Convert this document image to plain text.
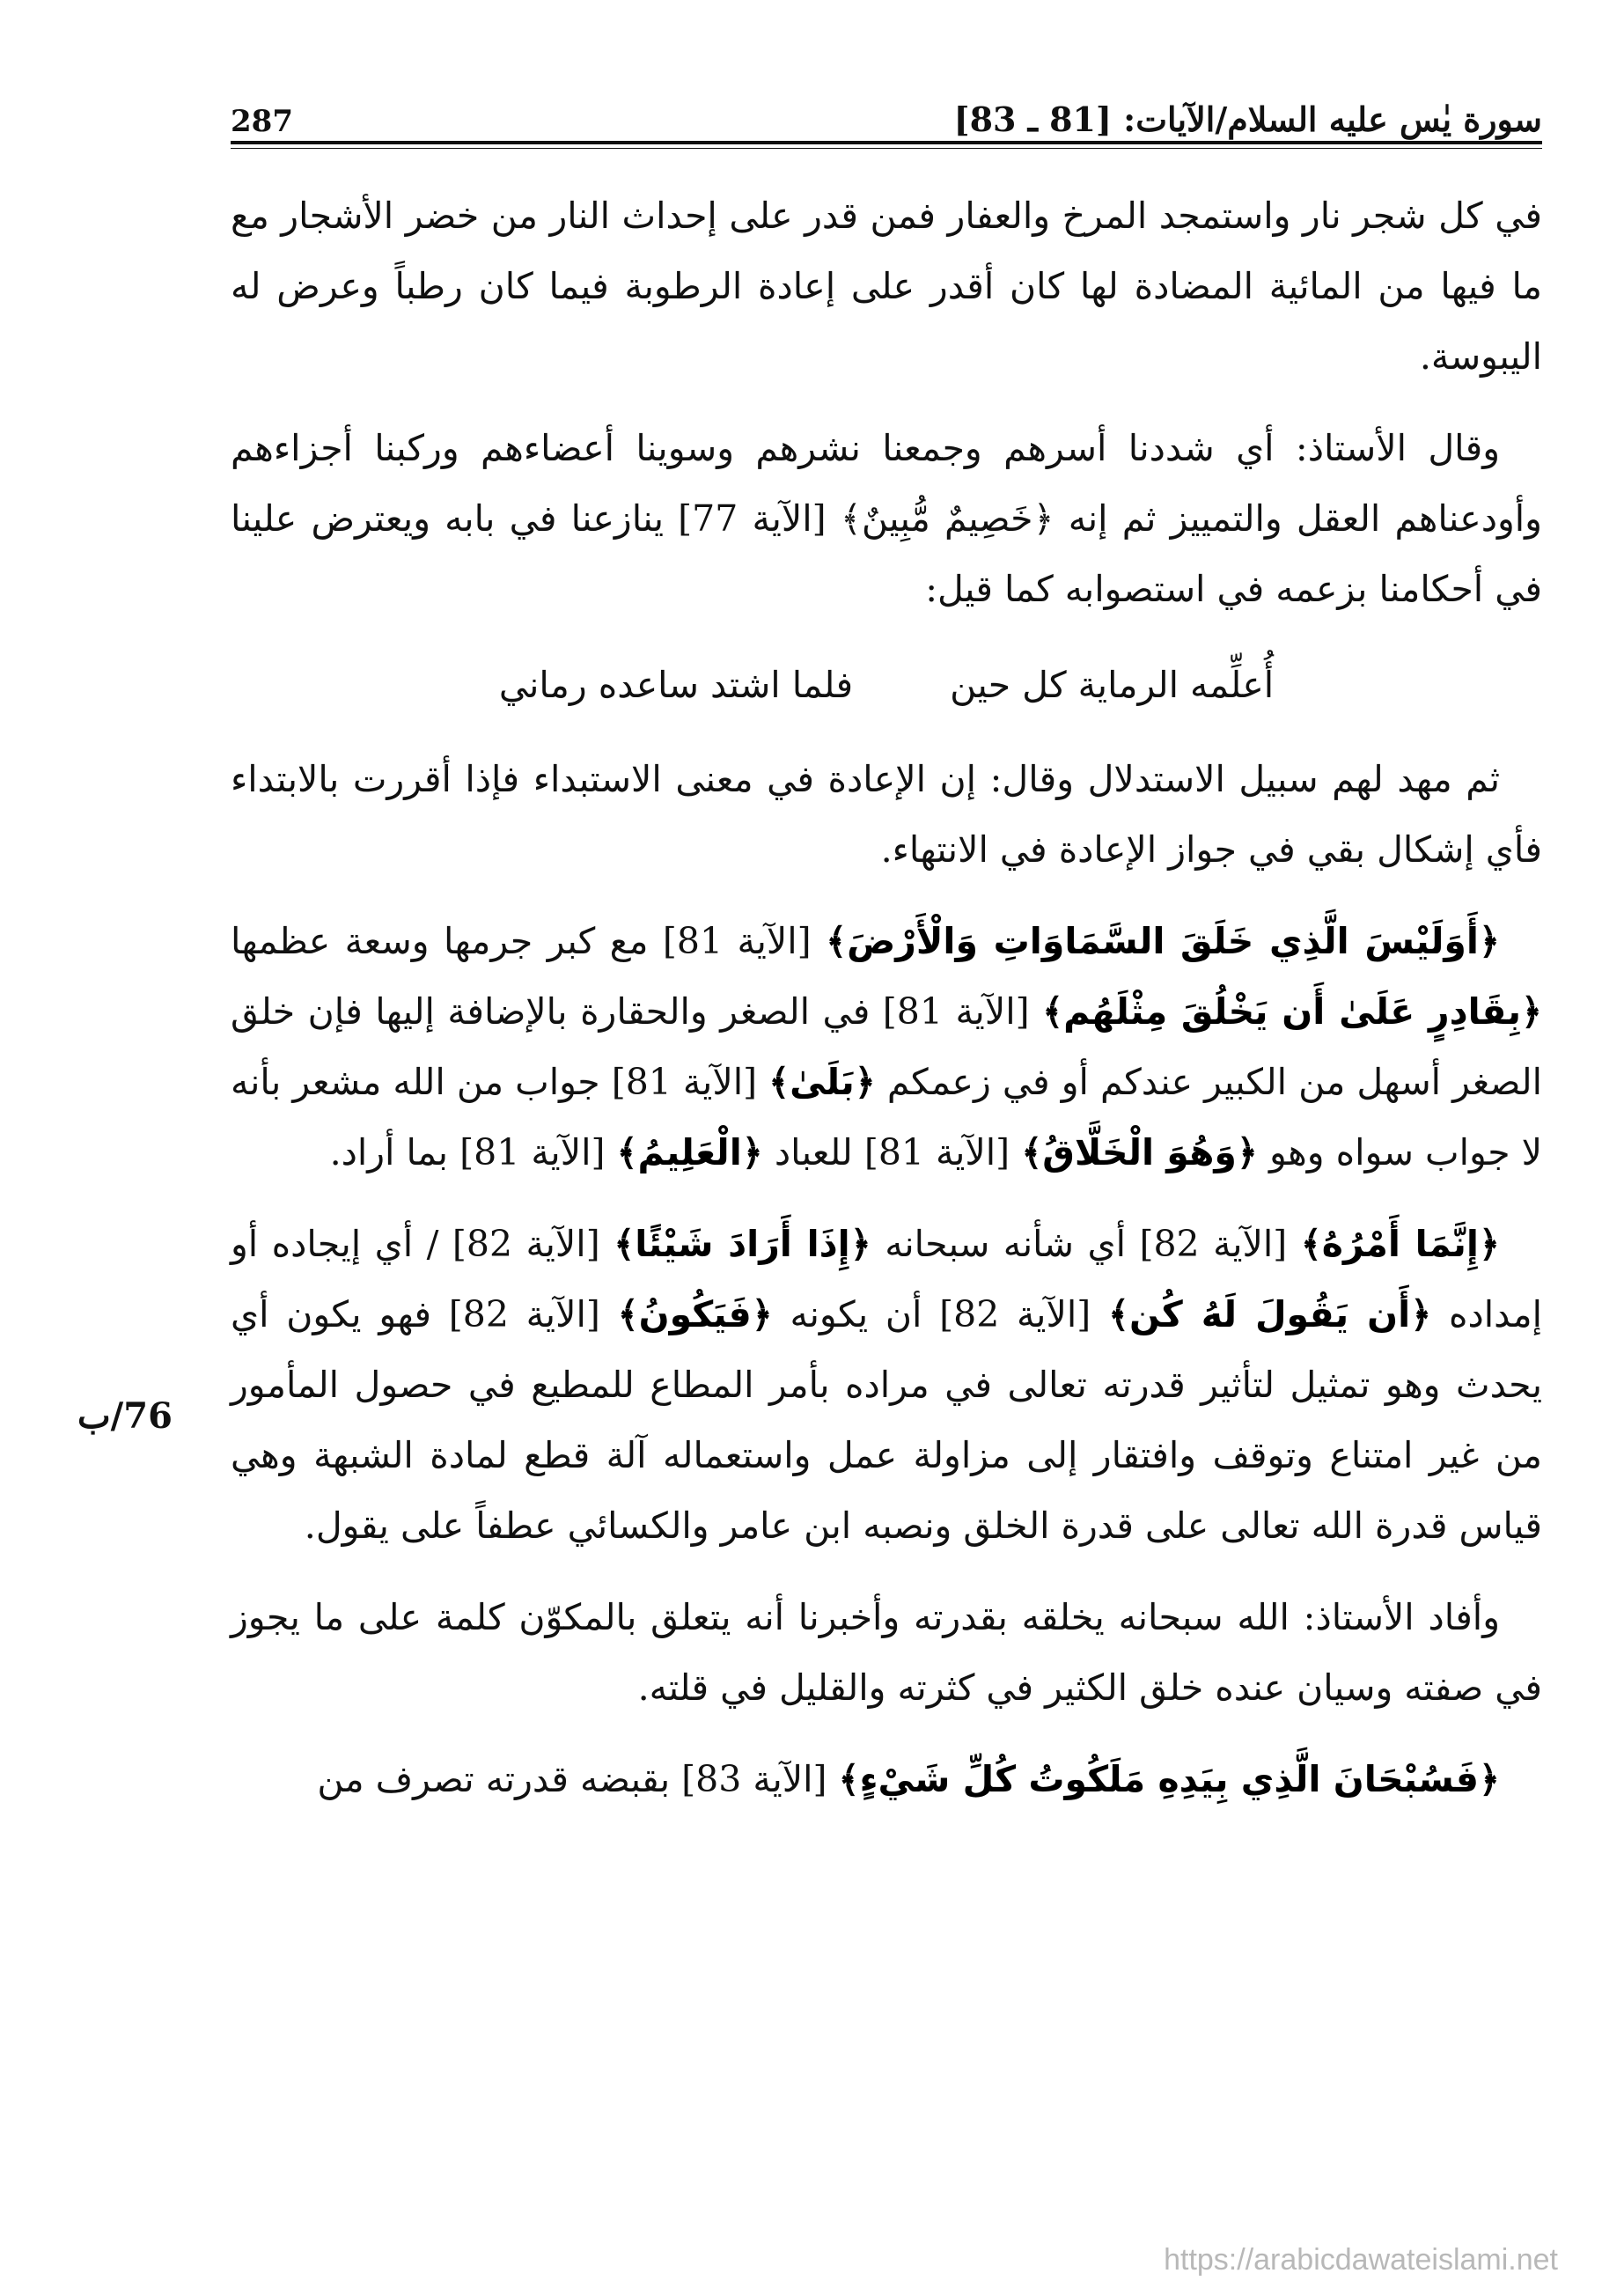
سورة يٰس عليه السلام/الآيات: [81 ـ 83]
287
76/ب

في كل شجر نار واستمجد المرخ والعفار فمن قدر على إحداث النار من خضر الأشجار مع ما فيها من المائية المضادة لها كان أقدر على إعادة الرطوبة فيما كان رطباً وعرض له اليبوسة.

وقال الأستاذ: أي شددنا أسرهم وجمعنا نشرهم وسوينا أعضاءهم وركبنا أجزاءهم وأودعناهم العقل والتمييز ثم إنه ﴿خَصِيمٌ مُّبِينٌ﴾ [الآية 77] ينازعنا في بابه ويعترض علينا في أحكامنا بزعمه في استصوابه كما قيل:

أُعلِّمه الرماية كل حين
فلما اشتد ساعده رماني

ثم مهد لهم سبيل الاستدلال وقال: إن الإعادة في معنى الاستبداء فإذا أقررت بالابتداء فأي إشكال بقي في جواز الإعادة في الانتهاء.

﴿أَوَلَيْسَ الَّذِي خَلَقَ السَّمَاوَاتِ وَالْأَرْضَ﴾ [الآية 81] مع كبر جرمها وسعة عظمها ﴿بِقَادِرٍ عَلَىٰ أَن يَخْلُقَ مِثْلَهُم﴾ [الآية 81] في الصغر والحقارة بالإضافة إليها فإن خلق الصغر أسهل من الكبير عندكم أو في زعمكم ﴿بَلَىٰ﴾ [الآية 81] جواب من الله مشعر بأنه لا جواب سواه وهو ﴿وَهُوَ الْخَلَّاقُ﴾ [الآية 81] للعباد ﴿الْعَلِيمُ﴾ [الآية 81] بما أراد.

﴿إِنَّمَا أَمْرُهُ﴾ [الآية 82] أي شأنه سبحانه ﴿إِذَا أَرَادَ شَيْئًا﴾ [الآية 82] / أي إيجاده أو إمداده ﴿أَن يَقُولَ لَهُ كُن﴾ [الآية 82] أن يكونه ﴿فَيَكُونُ﴾ [الآية 82] فهو يكون أي يحدث وهو تمثيل لتأثير قدرته تعالى في مراده بأمر المطاع للمطيع في حصول المأمور من غير امتناع وتوقف وافتقار إلى مزاولة عمل واستعماله آلة قطع لمادة الشبهة وهي قياس قدرة الله تعالى على قدرة الخلق ونصبه ابن عامر والكسائي عطفاً على يقول.

وأفاد الأستاذ: الله سبحانه يخلقه بقدرته وأخبرنا أنه يتعلق بالمكوّن كلمة على ما يجوز في صفته وسيان عنده خلق الكثير في كثرته والقليل في قلته.

﴿فَسُبْحَانَ الَّذِي بِيَدِهِ مَلَكُوتُ كُلِّ شَيْءٍ﴾ [الآية 83] بقبضه قدرته تصرف من

https://arabicdawateislami.net
